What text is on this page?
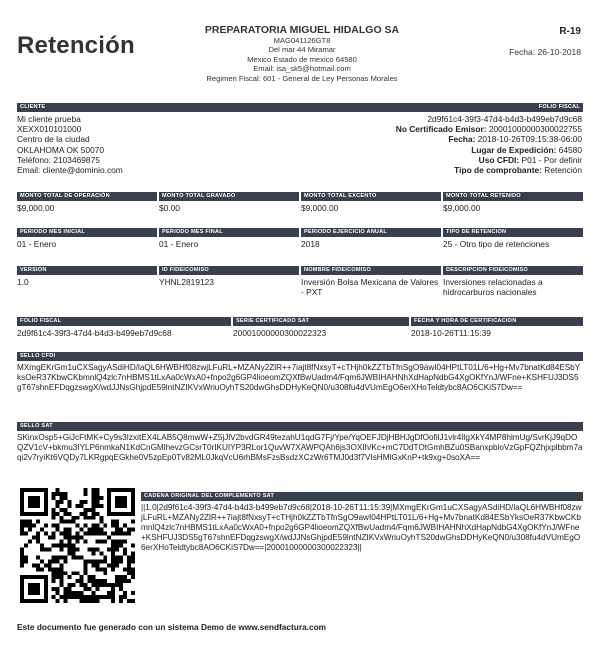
Retención
PREPARATORIA MIGUEL HIDALGO SA
MAG041126GT8
Del mar 44 Miramar
Mexico Estado de mexico 64580
Email: isa_sk5@hotmail.com
Regimen Fiscal: 601 - General de Ley Personas Morales
R-19
Fecha: 26-10-2018
CLIENTE	FOLIO FISCAL
Mi cliente prueba
XEXX010101000
Centro de la ciudad
OKLAHOMA OK 50070
Teléfono: 2103469875
Email: cliente@dominio.com
2d9f61c4-39f3-47d4-b4d3-b499eb7d9c68
No Certificado Emisor: 20001000000300022755
Fecha: 2018-10-26T09:15:38-06:00
Lugar de Expedición: 64580
Uso CFDI: P01 - Por definir
Tipo de comprobante: Retención
MONTO TOTAL DE OPERACIÓN
$9,000.00
MONTO TOTAL GRAVADO
$0.00
MONTO TOTAL EXCENTO
$9,000.00
MONTO TOTAL RETENIDO
$9,000.00
PERIODO MES INICIAL
01 - Enero
PERIODO MES FINAL
01 - Enero
PERIODO EJERCICIO ANUAL
2018
TIPO DE RETENCION
25 - Otro tipo de retenciones
VERSION
1.0
ID FIDEICOMISO
YHNL2819123
NOMBRE FIDEICOMISO
Inversión Bolsa Mexicana de Valores - PXT
DESCRIPCION FIDEICOMISO
Inversiones relacionadas a hidrocarburos nacionales
FOLIO FISCAL
2d9f61c4-39f3-47d4-b4d3-b499eb7d9c68
SERIE CERTIFICADO SAT
20001000000300022323
FECHA Y HORA DE CERTIFICACION
2018-10-26T11:15:39
SELLO CFDI
MXmgEKrGm1uCXSagyASdiHD/laQL6HWBHf08zwjLFuRL+MZANy2ZlR++7iajt8fNxsyT+cTHjh0kZZTbTfnSgO9awI04HPtLT01L/6+Hg+Mv7bnatKd84ESbYksOeR37KbwCKbmnlQ4zlc7nHBMS1tLxAa0cWxA0+fnpo2g6GP4lioeomZQXfBwUadm4/Fqm6JWBIHAHNhXdHapNdbG4XgOKfYnJ/WFne+KSHFUJ3DS5gT67shnEFDqgzswgX/wdJJNsGhjpdE59lntNZIKVxWriuOyhTS20dwGhsDDHyKeQN0/u308fu4dVUmEgO6erXHoTeldtybc8AO6CKiS7Dw==
SELLO SAT
SKinxOsp5+GiJcFtMK+Cy9s3IzxitEX4LAB5Q8mwW+Z5jJlV2bvdGR49tezahU1qdG7Fj/Ype/YqOEFJDjHBHJgDfOofilJ1vlr4lIgXkY4MP8hlmUg/SvrKjJ9qDOQZV1cV+bkmu3IYLP6nmkaN1KdCnGMlhevzGCsrT0rIKUIYP3RLor1QuvW7XAWPQAh6js3OXIh/Kc+mC7DdTOtGmhBZu0SBanxpbloVzGpFQZhjxplbbm7aqi2v7ryiKt6VQDy7LKRgpqEGkhe0V5zpEp0Tv82ML0JkqVcU6rhBMsFzsBsdzXCzWr6TMJ0d3f7VIsHMlGxKnP+tk9xg+0soXA==
CADENA ORIGINAL DEL COMPLEMENTO SAT
||1.0|2d9f61c4-39f3-47d4-b4d3-b499eb7d9c68|2018-10-26T11:15:39|MXmgEKrGm1uCXSagyASdiHD/laQL6HWBHf08zwjLFuRL+MZANy2ZlR++7iajt8fNxsyT+cTHjh0kZZTbTfnSgO9awI04HPtLT01L/6+Hg+Mv7bnatKd84ESbYksOeR37KbwCKbmnlQ4zlc7nHBMS1tLxAa0cWxA0+fnpo2g6GP4lioeomZQXfBwUadm4/Fqm6JWBIHAHNhXdHapNdbG4XgOKfYnJ/WFne+KSHFUJ3DS5gT67shnEFDqgzswgX/wdJJNsGhjpdE59lntNZIKVxWriuOyhTS20dwGhsDDHyKeQN0/u308fu4dVUmEgO6erXHoTeldtybc8AO6CKiS7Dw==|20001000000300022323||
Este documento fue generado con un sistema Demo de www.sendfactura.com
